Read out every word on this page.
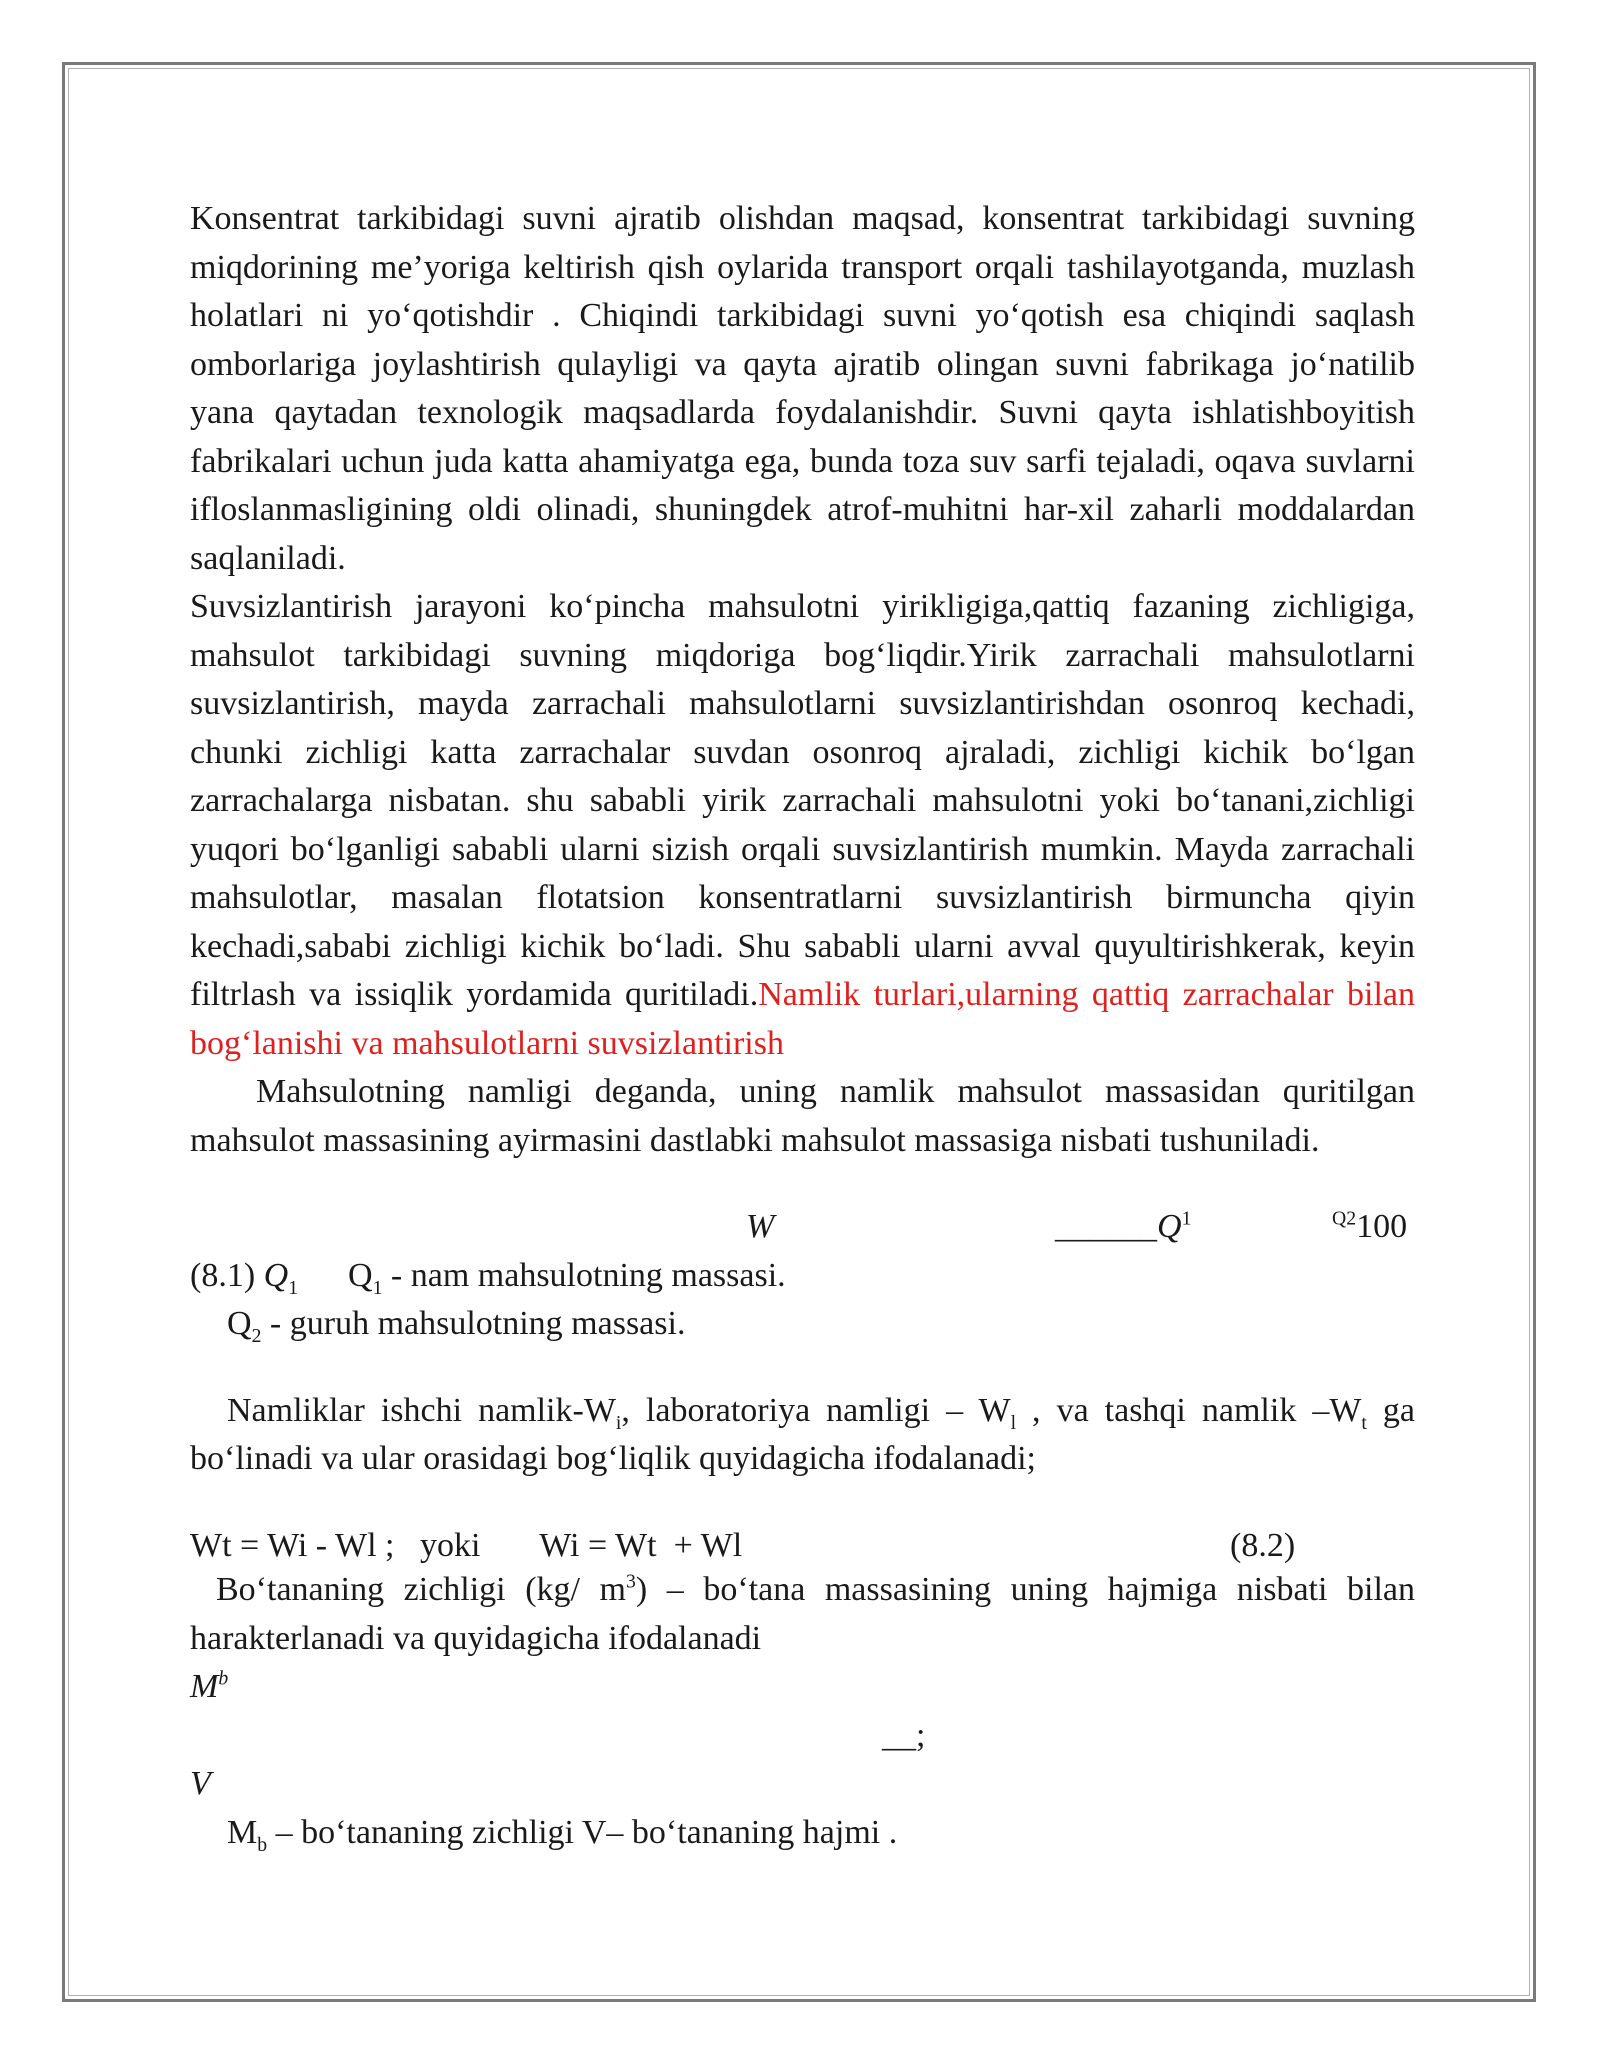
Konsentrat tarkibidagi suvni ajratib olishdan maqsad, konsentrat tarkibidagi suvning miqdorining me’yoriga keltirish qish oylarida transport orqali tashilayotganda, muzlash holatlari ni yo‘qotishdir . Chiqindi tarkibidagi suvni yo‘qotish esa chiqindi saqlash omborlariga joylashtirish qulayligi va qayta ajratib olingan suvni fabrikaga jo‘natilib yana qaytadan texnologik maqsadlarda foydalanishdir. Suvni qayta ishlatishboyitish fabrikalari uchun juda katta ahamiyatga ega, bunda toza suv sarfi tejaladi, oqava suvlarni ifloslanmasligining oldi olinadi, shuningdek atrof-muhitni har-xil zaharli moddalardan saqlaniladi.

Suvsizlantirish jarayoni ko‘pincha mahsulotni yirikligiga,qattiq fazaning zichligiga, mahsulot tarkibidagi suvning miqdoriga bog‘liqdir.Yirik zarrachali mahsulotlarni suvsizlantirish, mayda zarrachali mahsulotlarni suvsizlantirishdan osonroq kechadi, chunki zichligi katta zarrachalar suvdan osonroq ajraladi, zichligi kichik bo‘lgan zarrachalarga nisbatan. shu sababli yirik zarrachali mahsulotni yoki bo‘tanani,zichligi yuqori bo‘lganligi sababli ularni sizish orqali suvsizlantirish mumkin. Mayda zarrachali mahsulotlar, masalan flotatsion konsentratlarni suvsizlantirish birmuncha qiyin kechadi,sababi zichligi kichik bo‘ladi. Shu sababli ularni avval quyultirishkerak, keyin filtrlash va issiqlik yordamida quritiladi.Namlik turlari,ularning qattiq zarrachalar bilan bog‘lanishi va mahsulotlarni suvsizlantirish

Mahsulotning namligi deganda, uning namlik mahsulot massasidan quritilgan mahsulot massasining ayirmasini dastlabki mahsulot massasiga nisbati tushuniladi.

W	$\_\_\_\_\_\_Q^1$	$^{Q2}$100
(8.1) $Q_1$ $Q_1$ - nam mahsulotning massasi.
$Q_2$ - guruh mahsulotning massasi.

Namliklar ishchi namlik-$W_i$, laboratoriya namligi – $W_l$ , va tashqi namlik $-W_t$ ga bo‘linadi va ular orasidagi bog‘liqlik quyidagicha ifodalanadi;

Wt = Wi - Wl ;   yoki       Wi = Wt  + Wl	(8.2)

Bo‘tananing zichligi (kg/ $m^3$) – bo‘tana massasining uning hajmiga nisbati bilan harakterlanadi va quyidagicha ifodalanadi

$M^b$
__;
V
$M_b$ – bo‘tananing zichligi V– bo‘tananing hajmi .
